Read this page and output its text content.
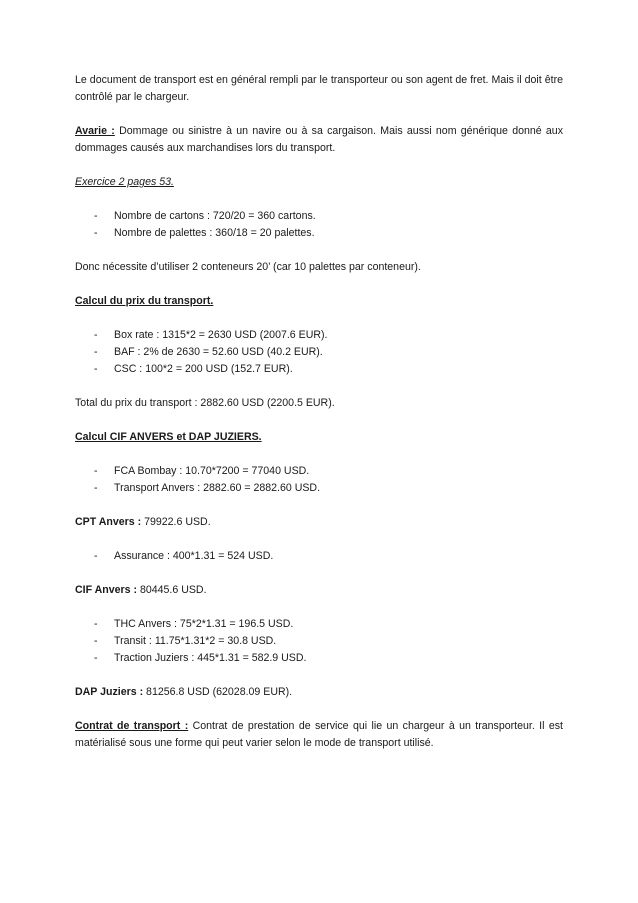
Le document de transport est en général rempli par le transporteur ou son agent de fret. Mais il doit être contrôlé par le chargeur.

Avarie : Dommage ou sinistre à un navire ou à sa cargaison. Mais aussi nom générique donné aux dommages causés aux marchandises lors du transport.

Exercice 2 pages 53.

- Nombre de cartons : 720/20 = 360 cartons.
- Nombre de palettes : 360/18 = 20 palettes.

Donc nécessite d’utiliser 2 conteneurs 20’ (car 10 palettes par conteneur).

Calcul du prix du transport.

- Box rate : 1315*2 = 2630 USD (2007.6 EUR).
- BAF : 2% de 2630 = 52.60 USD (40.2 EUR).
- CSC : 100*2 = 200 USD (152.7 EUR).

Total du prix du transport : 2882.60 USD (2200.5 EUR).

Calcul CIF ANVERS et DAP JUZIERS.

- FCA Bombay : 10.70*7200 = 77040 USD.
- Transport Anvers : 2882.60 = 2882.60 USD.

CPT Anvers : 79922.6 USD.

- Assurance : 400*1.31 = 524 USD.

CIF Anvers : 80445.6 USD.

- THC Anvers : 75*2*1.31 = 196.5 USD.
- Transit : 11.75*1.31*2 = 30.8 USD.
- Traction Juziers : 445*1.31 = 582.9 USD.

DAP Juziers : 81256.8 USD (62028.09 EUR).

Contrat de transport : Contrat de prestation de service qui lie un chargeur à un transporteur. Il est matérialisé sous une forme qui peut varier selon le mode de transport utilisé.
